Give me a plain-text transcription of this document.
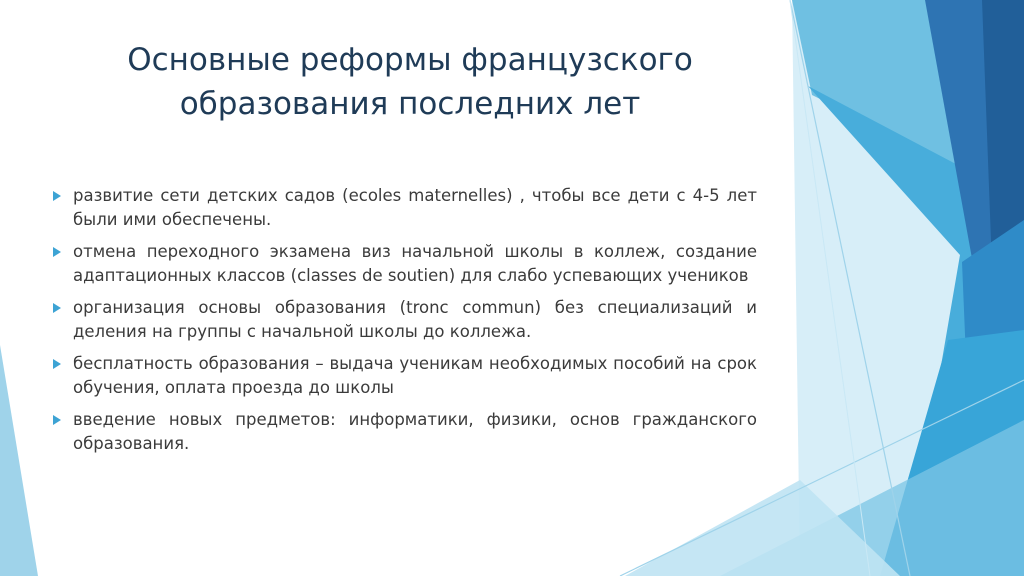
Основные реформы французского
образования последних лет
развитие сети детских садов (ecoles maternelles) , чтобы все дети с 4-5 лет были ими обеспечены.
отмена переходного экзамена виз начальной школы в коллеж, создание адаптационных классов (classes de soutien) для слабо успевающих учеников
организация основы образования (tronc commun) без специализаций и деления на группы с начальной школы до коллежа.
бесплатность образования – выдача ученикам необходимых пособий на срок обучения, оплата проезда до школы
введение новых предметов: информатики, физики, основ гражданского образования.
